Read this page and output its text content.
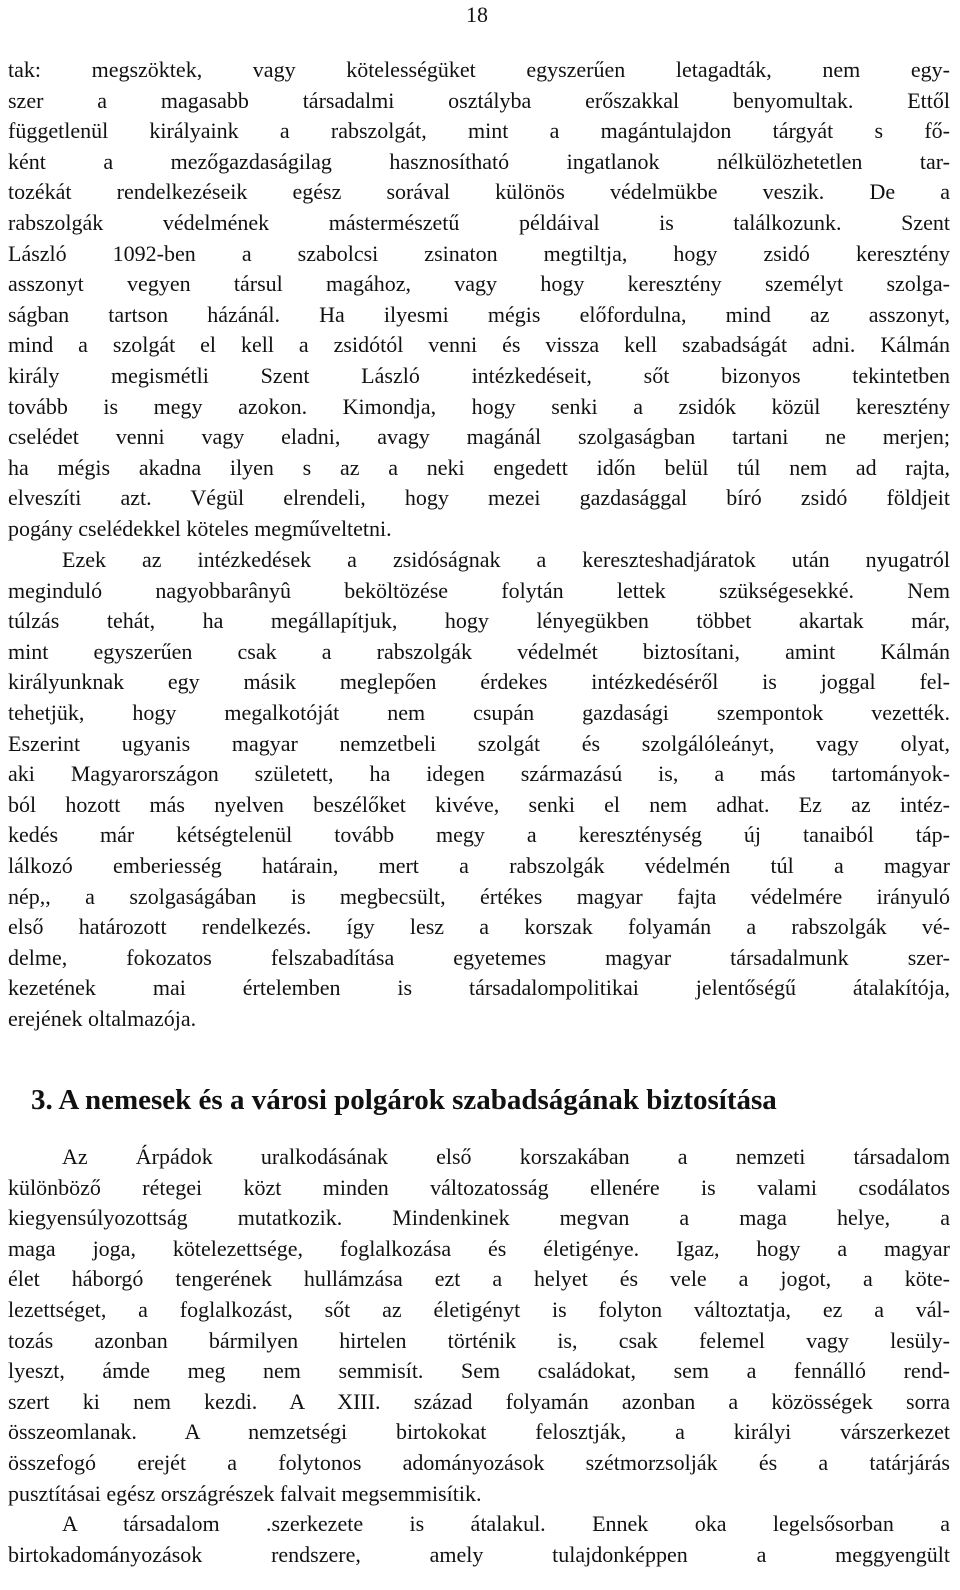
18
tak: megszöktek, vagy kötelességüket egyszerűen letagadták, nem egy-
szer a magasabb társadalmi osztályba erőszakkal benyomultak. Ettől
függetlenül királyaink a rabszolgát, mint a magántulajdon tárgyát s fő-
ként a mezőgazdaságilag hasznosítható ingatlanok nélkülözhetetlen tar-
tozékát rendelkezéseik egész sorával különös védelmükbe veszik. De a
rabszolgák védelmének mástermészetű példáival is találkozunk. Szent
László 1092-ben a szabolcsi zsinaton megtiltja, hogy zsidó keresztény
asszonyt vegyen társul magához, vagy hogy keresztény személyt szolga-
ságban tartson házánál. Ha ilyesmi mégis előfordulna, mind az asszonyt,
mind a szolgát el kell a zsidótól venni és vissza kell szabadságát adni. Kálmán
király megismétli Szent László intézkedéseit, sőt bizonyos tekintetben
tovább is megy azokon. Kimondja, hogy senki a zsidók közül keresztény
cselédet venni vagy eladni, avagy magánál szolgaságban tartani ne merjen;
ha mégis akadna ilyen s az a neki engedett időn belül túl nem ad rajta,
elveszíti azt. Végül elrendeli, hogy mezei gazdasággal bíró zsidó földjeit
pogány cselédekkel köteles megműveltetni.
Ezek az intézkedések a zsidóságnak a kereszteshadjáratok után nyugatról
meginduló nagyobbarânyû beköltözése folytán lettek szükségesekké. Nem
túlzás tehát, ha megállapítjuk, hogy lényegükben többet akartak már,
mint egyszerűen csak a rabszolgák védelmét biztosítani, amint Kálmán
királyunknak egy másik meglepően érdekes intézkedéséről is joggal fel-
tehetjük, hogy megalkotóját nem csupán gazdasági szempontok vezették.
Eszerint ugyanis magyar nemzetbeli szolgát és szolgálóleányt, vagy olyat,
aki Magyarországon született, ha idegen származású is, a más tartományok-
ból hozott más nyelven beszélőket kivéve, senki el nem adhat. Ez az intéz-
kedés már kétségtelenül tovább megy a kereszténység új tanaiból táp-
lálkozó emberiesség határain, mert a rabszolgák védelmén túl a magyar
nép,, a szolgaságában is megbecsült, értékes magyar fajta védelmére irányuló
első határozott rendelkezés. így lesz a korszak folyamán a rabszolgák vé-
delme, fokozatos felszabadítása egyetemes magyar társadalmunk szer-
kezetének mai értelemben is társadalompolitikai jelentőségű átalakítója,
erejének oltalmazója.
3. A nemesek és a városi polgárok szabadságának biztosítása
Az Árpádok uralkodásának első korszakában a nemzeti társadalom
különböző rétegei közt minden változatosság ellenére is valami csodálatos
kiegyensúlyozottság mutatkozik. Mindenkinek megvan a maga helye, a
maga joga, kötelezettsége, foglalkozása és életigénye. Igaz, hogy a magyar
élet háborgó tengerének hullámzása ezt a helyet és vele a jogot, a köte-
lezettséget, a foglalkozást, sőt az életigényt is folyton változtatja, ez a vál-
tozás azonban bármilyen hirtelen történik is, csak felemel vagy lesüly-
lyeszt, ámde meg nem semmisít. Sem családokat, sem a fennálló rend-
szert ki nem kezdi. A XIII. század folyamán azonban a közösségek sorra
összeomlanak. A nemzetségi birtokokat felosztják, a királyi várszerkezet
összefogó erejét a folytonos adományozások szétmorzsolják és a tatárjárás
pusztításai egész országrészek falvait megsemmisítik.
A társadalom .szerkezete is átalakul. Ennek oka legelsősorban a
birtokadományozások rendszere, amely tulajdonképpen a meggyengült
